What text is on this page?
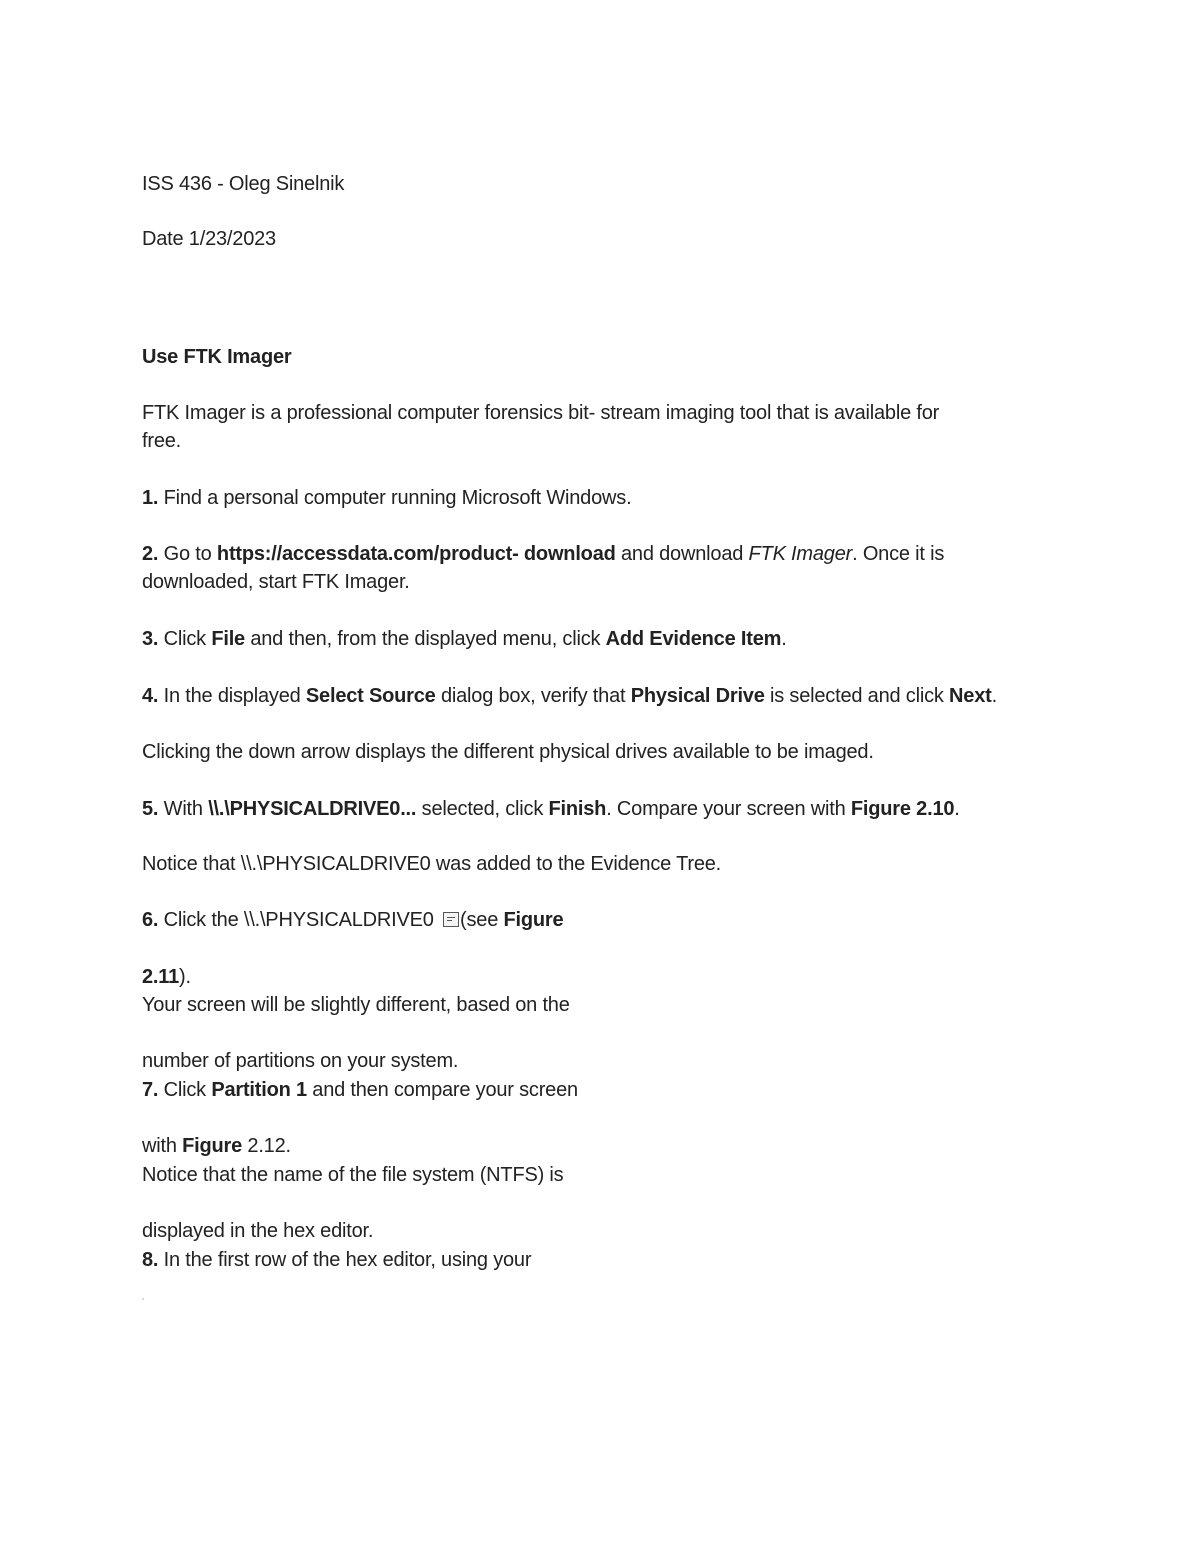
ISS 436 - Oleg Sinelnik
Date 1/23/2023
Use FTK Imager
FTK Imager is a professional computer forensics bit- stream imaging tool that is available for
free.
1. Find a personal computer running Microsoft Windows.
2. Go to https://accessdata.com/product- download and download FTK Imager. Once it is
downloaded, start FTK Imager.
3. Click File and then, from the displayed menu, click Add Evidence Item.
4. In the displayed Select Source dialog box, verify that Physical Drive is selected and click Next.
Clicking the down arrow displays the different physical drives available to be imaged.
5. With \\.\PHYSICALDRIVE0... selected, click Finish. Compare your screen with Figure 2.10.
Notice that \\.\PHYSICALDRIVE0 was added to the Evidence Tree.
6. Click the \\.\PHYSICALDRIVE0 (see Figure
2.11).
Your screen will be slightly different, based on the
number of partitions on your system.
7. Click Partition 1 and then compare your screen
with Figure 2.12.
Notice that the name of the file system (NTFS) is
displayed in the hex editor.
8. In the first row of the hex editor, using your
